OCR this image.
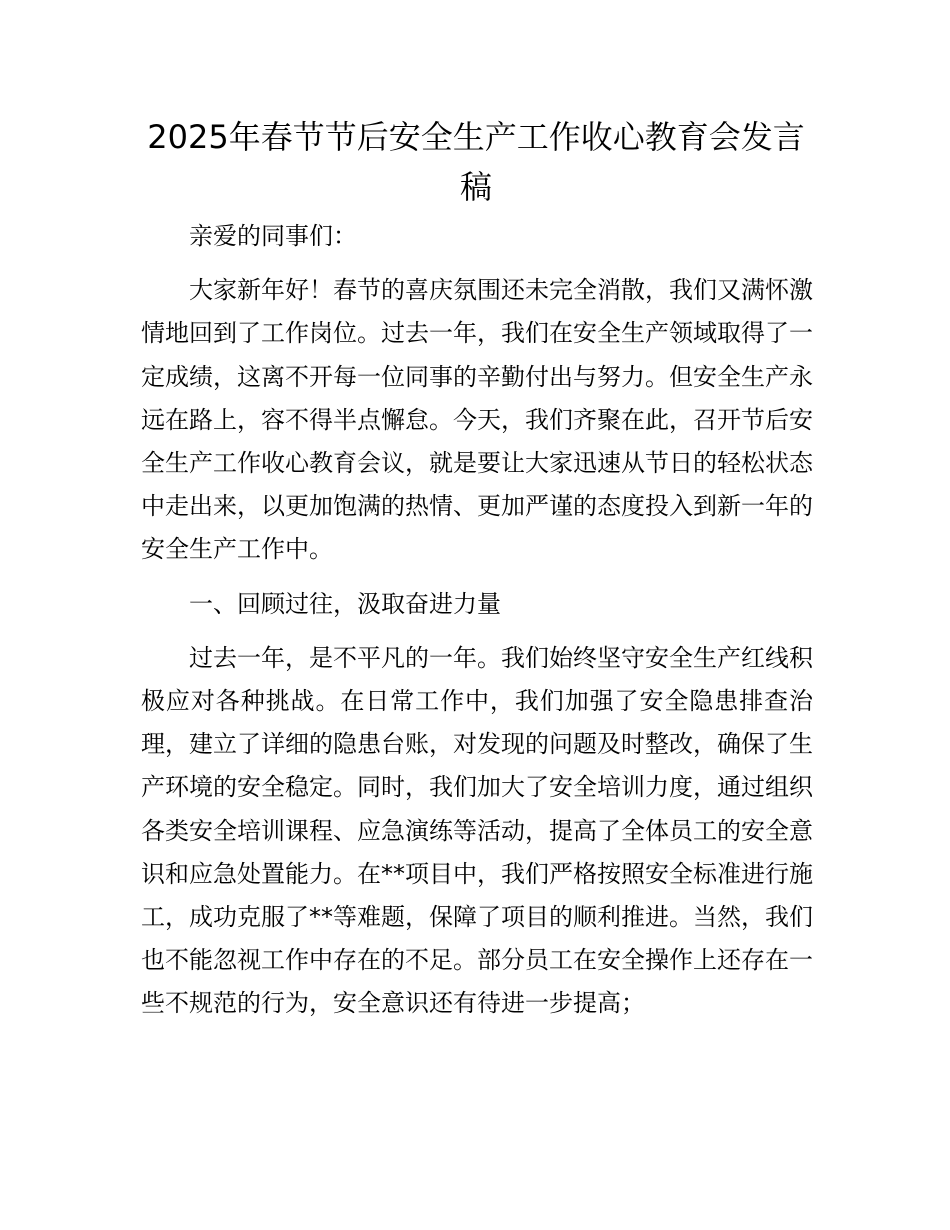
2025年春节节后安全生产工作收心教育会发言稿

亲爱的同事们：

大家新年好！春节的喜庆氛围还未完全消散，我们又满怀激情地回到了工作岗位。过去一年，我们在安全生产领域取得了一定成绩，这离不开每一位同事的辛勤付出与努力。但安全生产永远在路上，容不得半点懈怠。今天，我们齐聚在此，召开节后安全生产工作收心教育会议，就是要让大家迅速从节日的轻松状态中走出来，以更加饱满的热情、更加严谨的态度投入到新一年的安全生产工作中。

一、回顾过往，汲取奋进力量

过去一年，是不平凡的一年。我们始终坚守安全生产红线积极应对各种挑战。在日常工作中，我们加强了安全隐患排查治理，建立了详细的隐患台账，对发现的问题及时整改，确保了生产环境的安全稳定。同时，我们加大了安全培训力度，通过组织各类安全培训课程、应急演练等活动，提高了全体员工的安全意识和应急处置能力。在**项目中，我们严格按照安全标准进行施工，成功克服了**等难题，保障了项目的顺利推进。当然，我们也不能忽视工作中存在的不足。部分员工在安全操作上还存在一些不规范的行为，安全意识还有待进一步提高；
